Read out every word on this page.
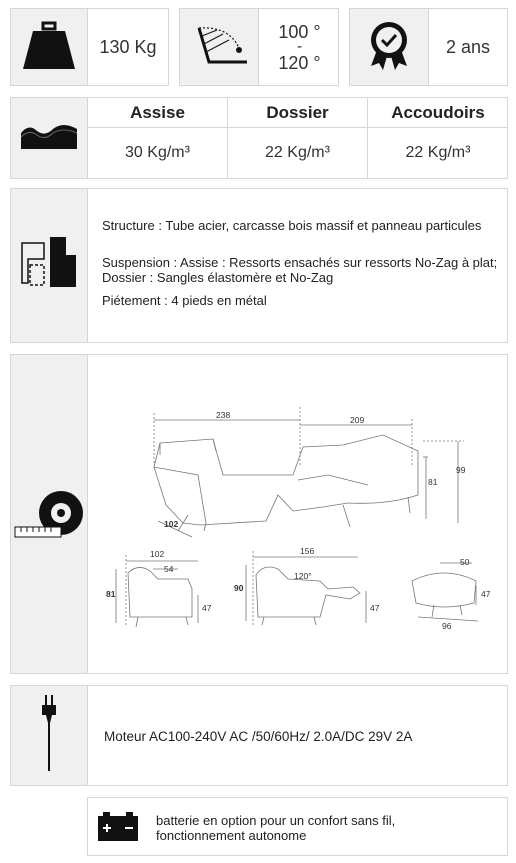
130 Kg
100 °
-
120 °
2 ans
Assise	Dossier	Accoudoirs
30 Kg/m³	22 Kg/m³	22 Kg/m³
Structure : Tube acier, carcasse bois massif et panneau particules
Suspension : Assise : Ressorts ensachés sur ressorts No-Zag à plat; Dossier : Sangles élastomère et No-Zag
Piétement : 4 pieds en métal
238	209
99
81
102
102
54
81
47
156
120°
90
47
50
47
96
Moteur AC100-240V AC /50/60Hz/ 2.0A/DC 29V 2A
batterie en option pour un confort sans fil, fonctionnement autonome
